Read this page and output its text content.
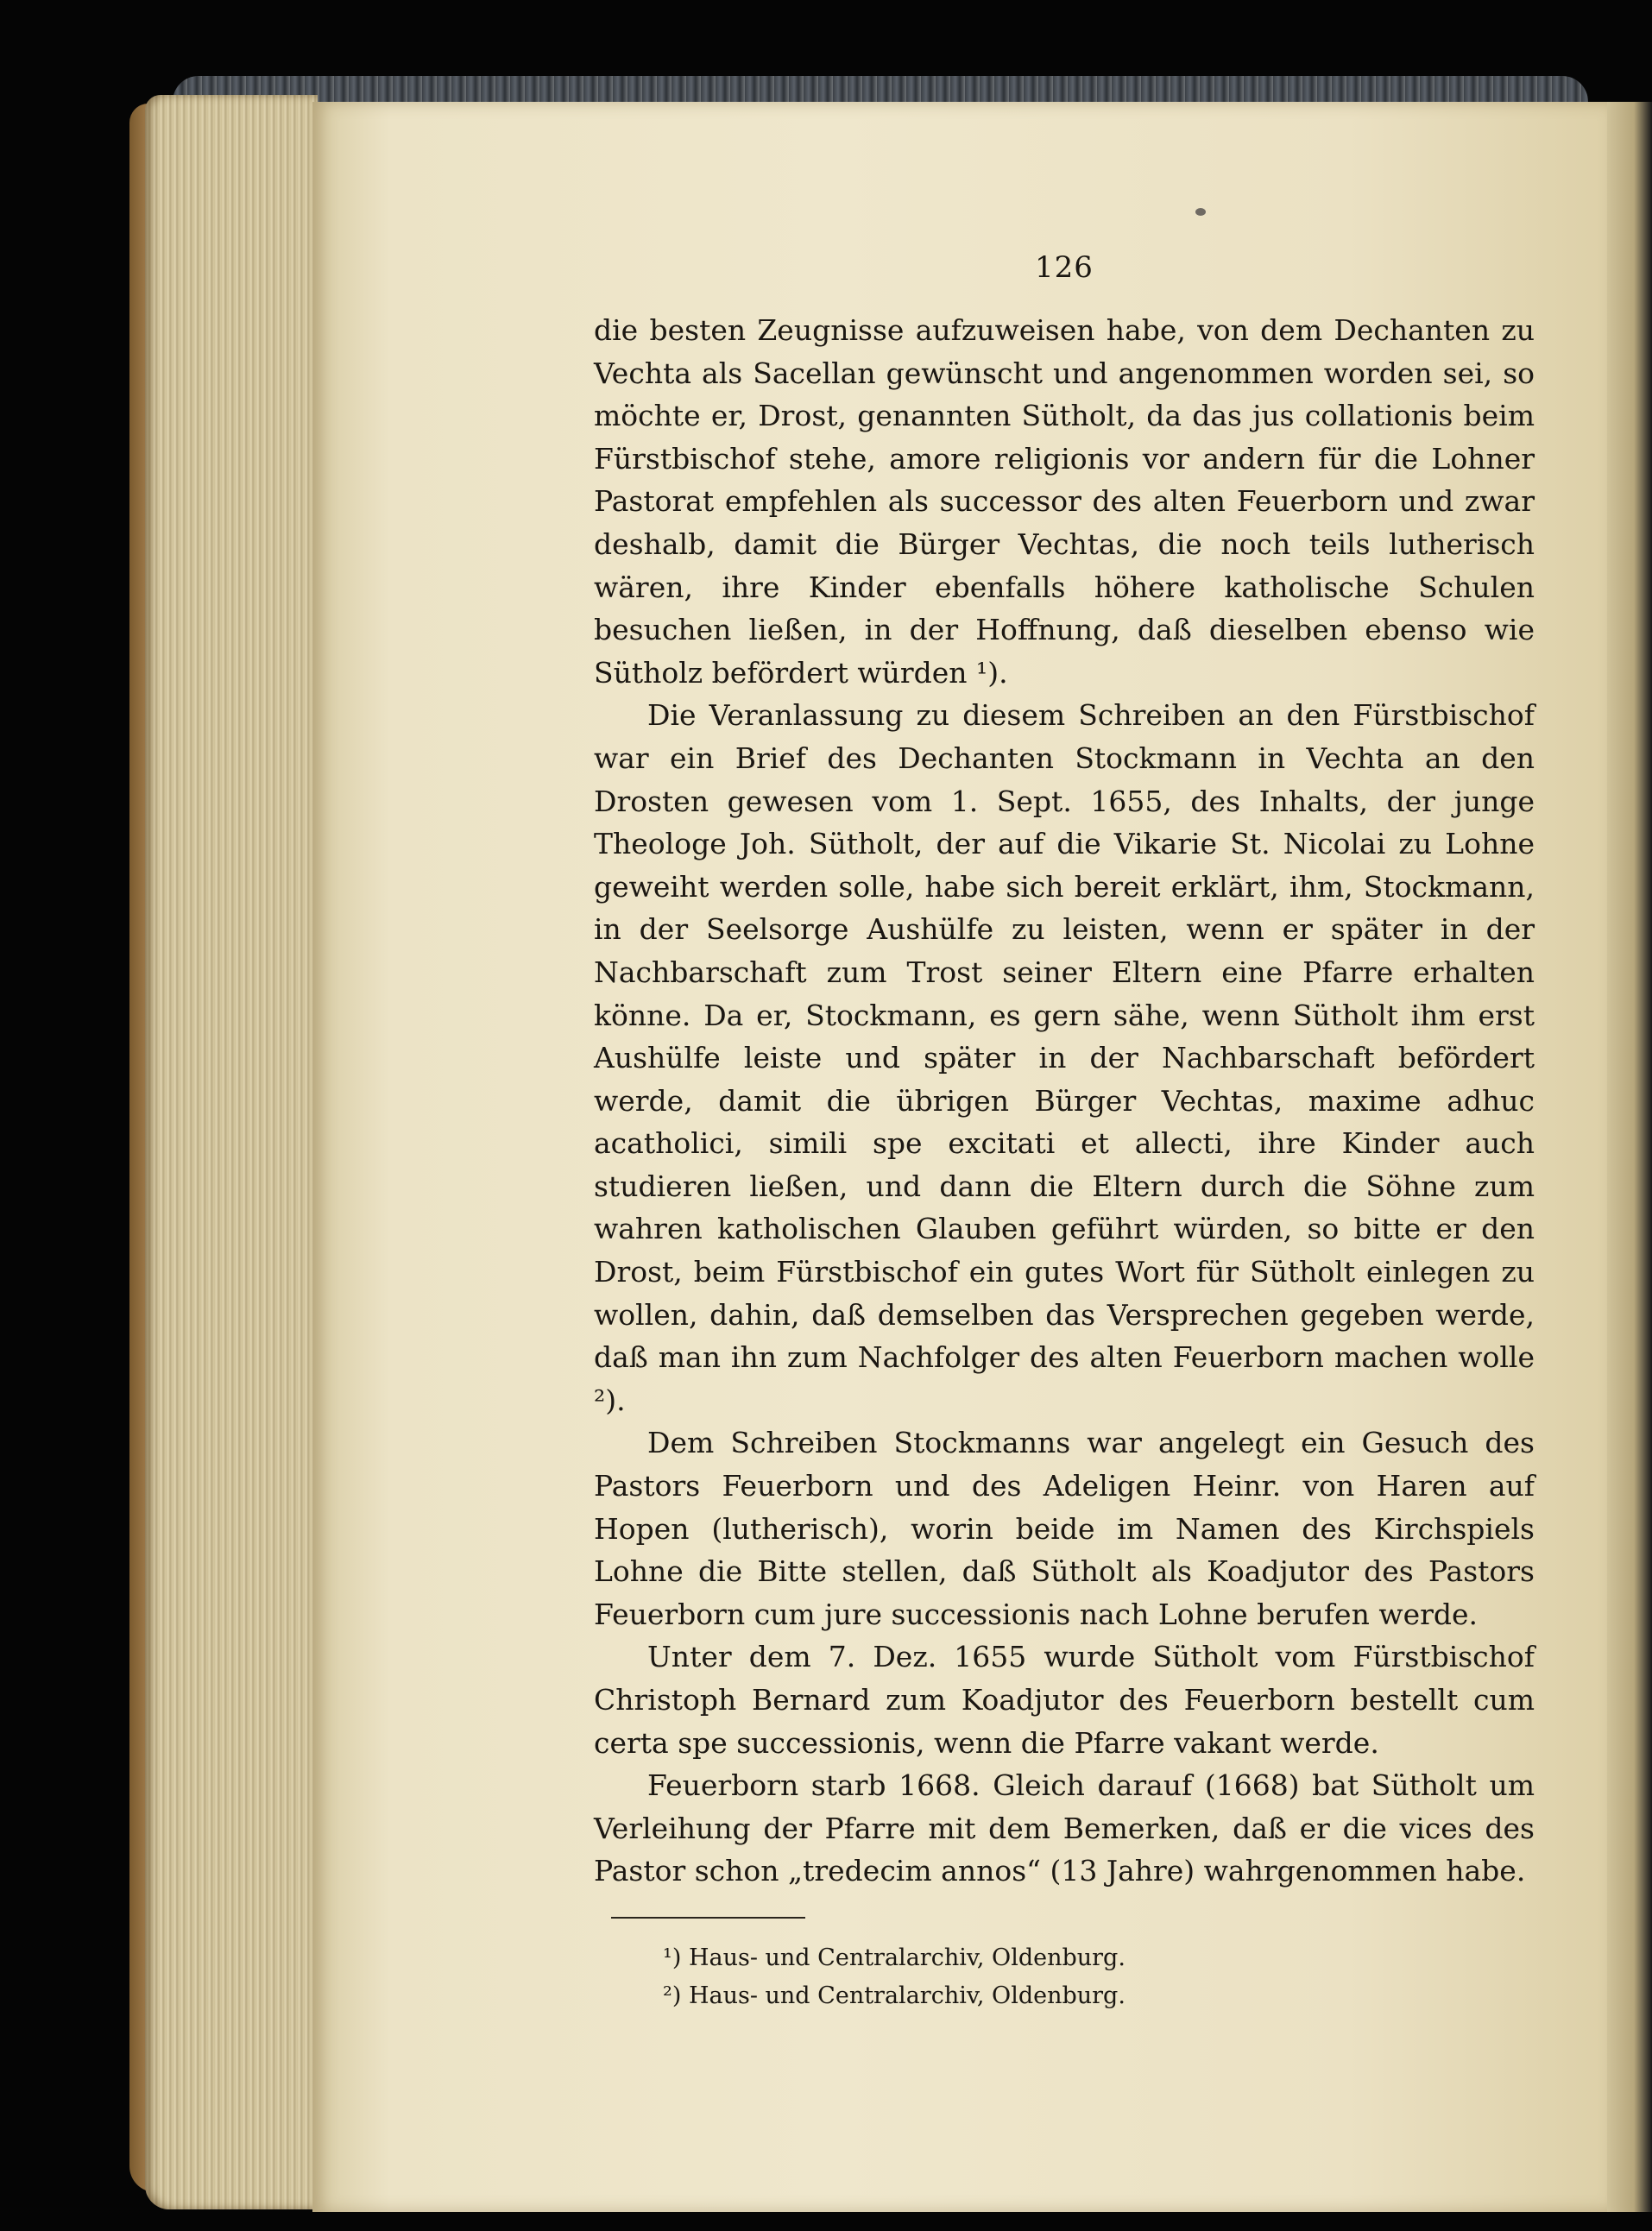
126

die besten Zeugnisse aufzuweisen habe, von dem Dechanten zu Vechta als Sacellan gewünscht und angenommen worden sei, so möchte er, Drost, genannten Sütholt, da das jus collationis beim Fürstbischof stehe, amore religionis vor andern für die Lohner Pastorat empfehlen als successor des alten Feuerborn und zwar deshalb, damit die Bürger Vechtas, die noch teils lutherisch wären, ihre Kinder ebenfalls höhere katholische Schulen besuchen ließen, in der Hoffnung, daß dieselben ebenso wie Sütholz befördert würden ¹).

Die Veranlassung zu diesem Schreiben an den Fürstbischof war ein Brief des Dechanten Stockmann in Vechta an den Drosten gewesen vom 1. Sept. 1655, des Inhalts, der junge Theologe Joh. Sütholt, der auf die Vikarie St. Nicolai zu Lohne geweiht werden solle, habe sich bereit erklärt, ihm, Stockmann, in der Seelsorge Aushülfe zu leisten, wenn er später in der Nachbarschaft zum Trost seiner Eltern eine Pfarre erhalten könne. Da er, Stockmann, es gern sähe, wenn Sütholt ihm erst Aushülfe leiste und später in der Nachbarschaft befördert werde, damit die übrigen Bürger Vechtas, maxime adhuc acatholici, simili spe excitati et allecti, ihre Kinder auch studieren ließen, und dann die Eltern durch die Söhne zum wahren katholischen Glauben geführt würden, so bitte er den Drost, beim Fürstbischof ein gutes Wort für Sütholt einlegen zu wollen, dahin, daß demselben das Versprechen gegeben werde, daß man ihn zum Nachfolger des alten Feuerborn machen wolle ²).

Dem Schreiben Stockmanns war angelegt ein Gesuch des Pastors Feuerborn und des Adeligen Heinr. von Haren auf Hopen (lutherisch), worin beide im Namen des Kirchspiels Lohne die Bitte stellen, daß Sütholt als Koadjutor des Pastors Feuerborn cum jure successionis nach Lohne berufen werde.

Unter dem 7. Dez. 1655 wurde Sütholt vom Fürstbischof Christoph Bernard zum Koadjutor des Feuerborn bestellt cum certa spe successionis, wenn die Pfarre vakant werde.

Feuerborn starb 1668. Gleich darauf (1668) bat Sütholt um Verleihung der Pfarre mit dem Bemerken, daß er die vices des Pastor schon „tredecim annos“ (13 Jahre) wahrgenommen habe.

¹) Haus- und Centralarchiv, Oldenburg.

²) Haus- und Centralarchiv, Oldenburg.
